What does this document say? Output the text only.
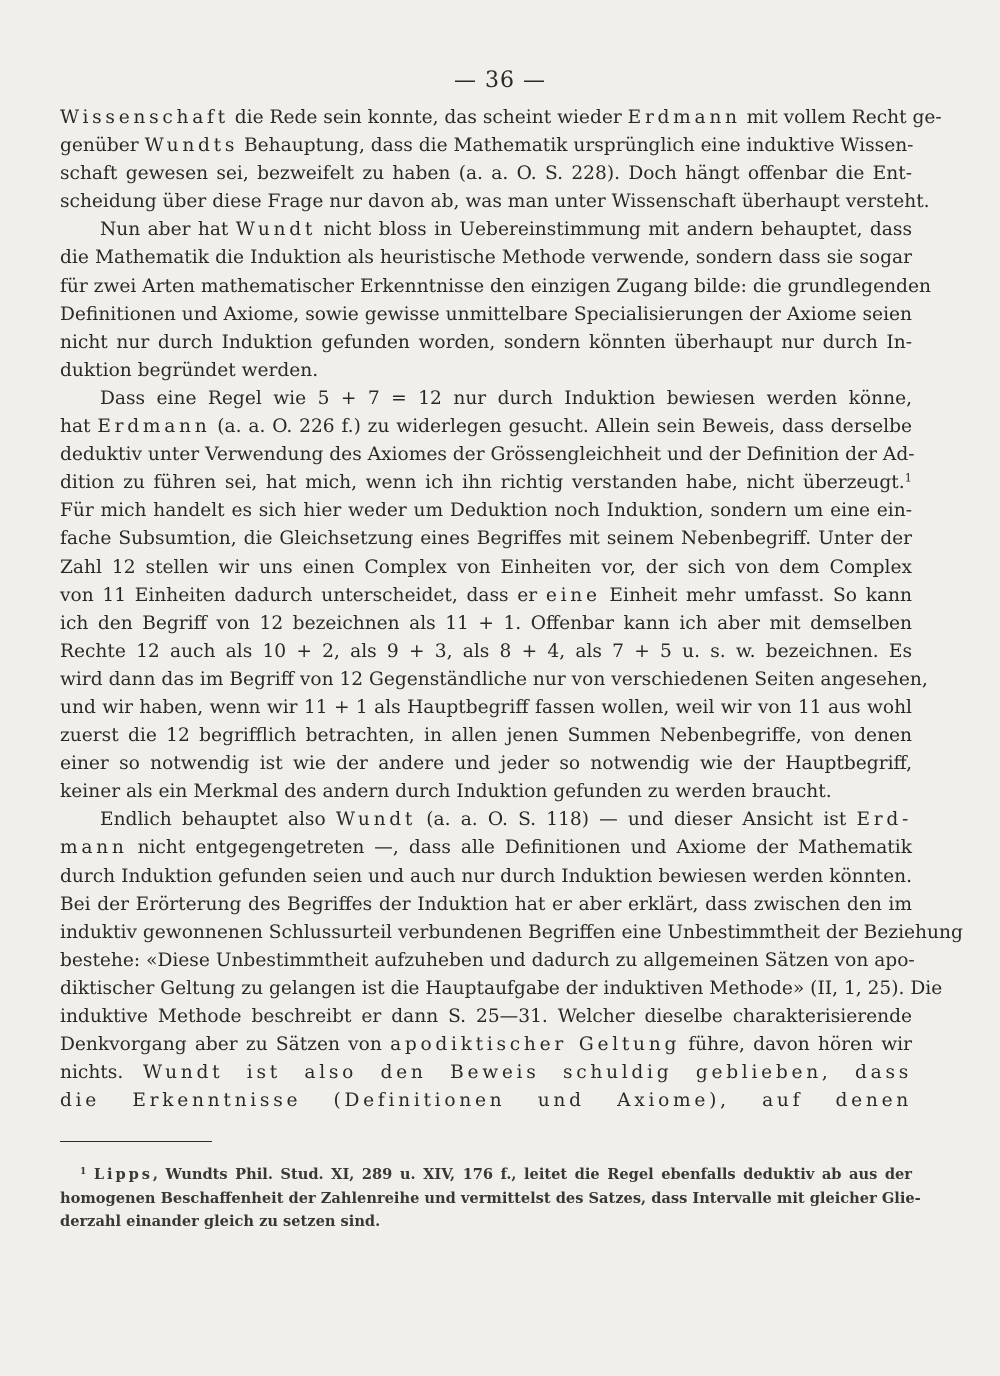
— 36 —
Wissenschaft die Rede sein konnte, das scheint wieder Erdmann mit vollem Recht ge-
genüber Wundts Behauptung, dass die Mathematik ursprünglich eine induktive Wissen-
schaft gewesen sei, bezweifelt zu haben (a. a. O. S. 228). Doch hängt offenbar die Ent-
scheidung über diese Frage nur davon ab, was man unter Wissenschaft überhaupt versteht.
Nun aber hat Wundt nicht bloss in Uebereinstimmung mit andern behauptet, dass
die Mathematik die Induktion als heuristische Methode verwende, sondern dass sie sogar
für zwei Arten mathematischer Erkenntnisse den einzigen Zugang bilde: die grundlegenden
Definitionen und Axiome, sowie gewisse unmittelbare Specialisierungen der Axiome seien
nicht nur durch Induktion gefunden worden, sondern könnten überhaupt nur durch In-
duktion begründet werden.
Dass eine Regel wie 5 + 7 = 12 nur durch Induktion bewiesen werden könne,
hat Erdmann (a. a. O. 226 f.) zu widerlegen gesucht. Allein sein Beweis, dass derselbe
deduktiv unter Verwendung des Axiomes der Grössengleichheit und der Definition der Ad-
dition zu führen sei, hat mich, wenn ich ihn richtig verstanden habe, nicht überzeugt.$^1$
Für mich handelt es sich hier weder um Deduktion noch Induktion, sondern um eine ein-
fache Subsumtion, die Gleichsetzung eines Begriffes mit seinem Nebenbegriff. Unter der
Zahl 12 stellen wir uns einen Complex von Einheiten vor, der sich von dem Complex
von 11 Einheiten dadurch unterscheidet, dass er eine Einheit mehr umfasst. So kann
ich den Begriff von 12 bezeichnen als 11 + 1. Offenbar kann ich aber mit demselben
Rechte 12 auch als 10 + 2, als 9 + 3, als 8 + 4, als 7 + 5 u. s. w. bezeichnen. Es
wird dann das im Begriff von 12 Gegenständliche nur von verschiedenen Seiten angesehen,
und wir haben, wenn wir 11 + 1 als Hauptbegriff fassen wollen, weil wir von 11 aus wohl
zuerst die 12 begrifflich betrachten, in allen jenen Summen Nebenbegriffe, von denen
einer so notwendig ist wie der andere und jeder so notwendig wie der Hauptbegriff,
keiner als ein Merkmal des andern durch Induktion gefunden zu werden braucht.
Endlich behauptet also Wundt (a. a. O. S. 118) — und dieser Ansicht ist Erd-
mann nicht entgegengetreten —, dass alle Definitionen und Axiome der Mathematik
durch Induktion gefunden seien und auch nur durch Induktion bewiesen werden könnten.
Bei der Erörterung des Begriffes der Induktion hat er aber erklärt, dass zwischen den im
induktiv gewonnenen Schlussurteil verbundenen Begriffen eine Unbestimmtheit der Beziehung
bestehe: «Diese Unbestimmtheit aufzuheben und dadurch zu allgemeinen Sätzen von apo-
diktischer Geltung zu gelangen ist die Hauptaufgabe der induktiven Methode» (II, 1, 25). Die
induktive Methode beschreibt er dann S. 25—31. Welcher dieselbe charakterisierende
Denkvorgang aber zu Sätzen von apodiktischer Geltung führe, davon hören wir
nichts. Wundt ist also den Beweis schuldig geblieben, dass
die Erkenntnisse (Definitionen und Axiome), auf denen
$^1$ Lipps, Wundts Phil. Stud. XI, 289 u. XIV, 176 f., leitet die Regel ebenfalls deduktiv ab aus der
homogenen Beschaffenheit der Zahlenreihe und vermittelst des Satzes, dass Intervalle mit gleicher Glie-
derzahl einander gleich zu setzen sind.
